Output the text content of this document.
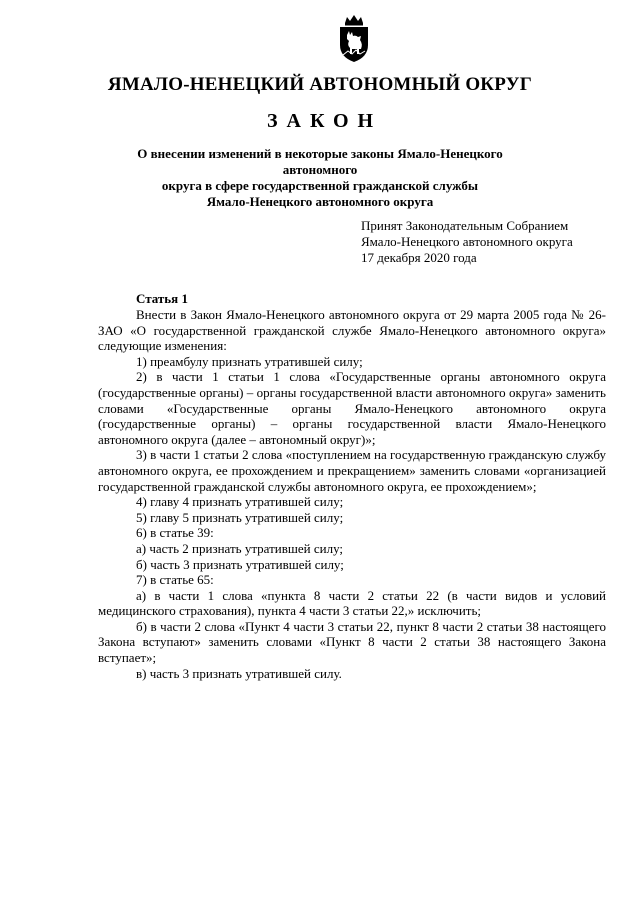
ЯМАЛО-НЕНЕЦКИЙ АВТОНОМНЫЙ ОКРУГ
ЗАКОН
О внесении изменений в некоторые законы Ямало-Ненецкого автономного
округа в сфере государственной гражданской службы
Ямало-Ненецкого автономного округа
Принят Законодательным Собранием
Ямало-Ненецкого автономного округа
17 декабря 2020 года
Статья 1

Внести в Закон Ямало-Ненецкого автономного округа от 29 марта 2005 года № 26-ЗАО «О государственной гражданской службе Ямало-Ненецкого автономного округа» следующие изменения:

1) преамбулу признать утратившей силу;

2) в части 1 статьи 1 слова «Государственные органы автономного округа (государственные органы) – органы государственной власти автономного округа» заменить словами «Государственные органы Ямало-Ненецкого автономного округа (государственные органы) – органы государственной власти Ямало-Ненецкого автономного округа (далее – автономный округ)»;

3) в части 1 статьи 2 слова «поступлением на государственную гражданскую службу автономного округа, ее прохождением и прекращением» заменить словами «организацией государственной гражданской службы автономного округа, ее прохождением»;

4) главу 4 признать утратившей силу;

5) главу 5 признать утратившей силу;

6) в статье 39:

а) часть 2 признать утратившей силу;

б) часть 3 признать утратившей силу;

7) в статье 65:

а) в части 1 слова «пункта 8 части 2 статьи 22 (в части видов и условий медицинского страхования), пункта 4 части 3 статьи 22,» исключить;

б) в части 2 слова «Пункт 4 части 3 статьи 22, пункт 8 части 2 статьи 38 настоящего Закона вступают» заменить словами «Пункт 8 части 2 статьи 38 настоящего Закона вступает»;

в) часть 3 признать утратившей силу.
